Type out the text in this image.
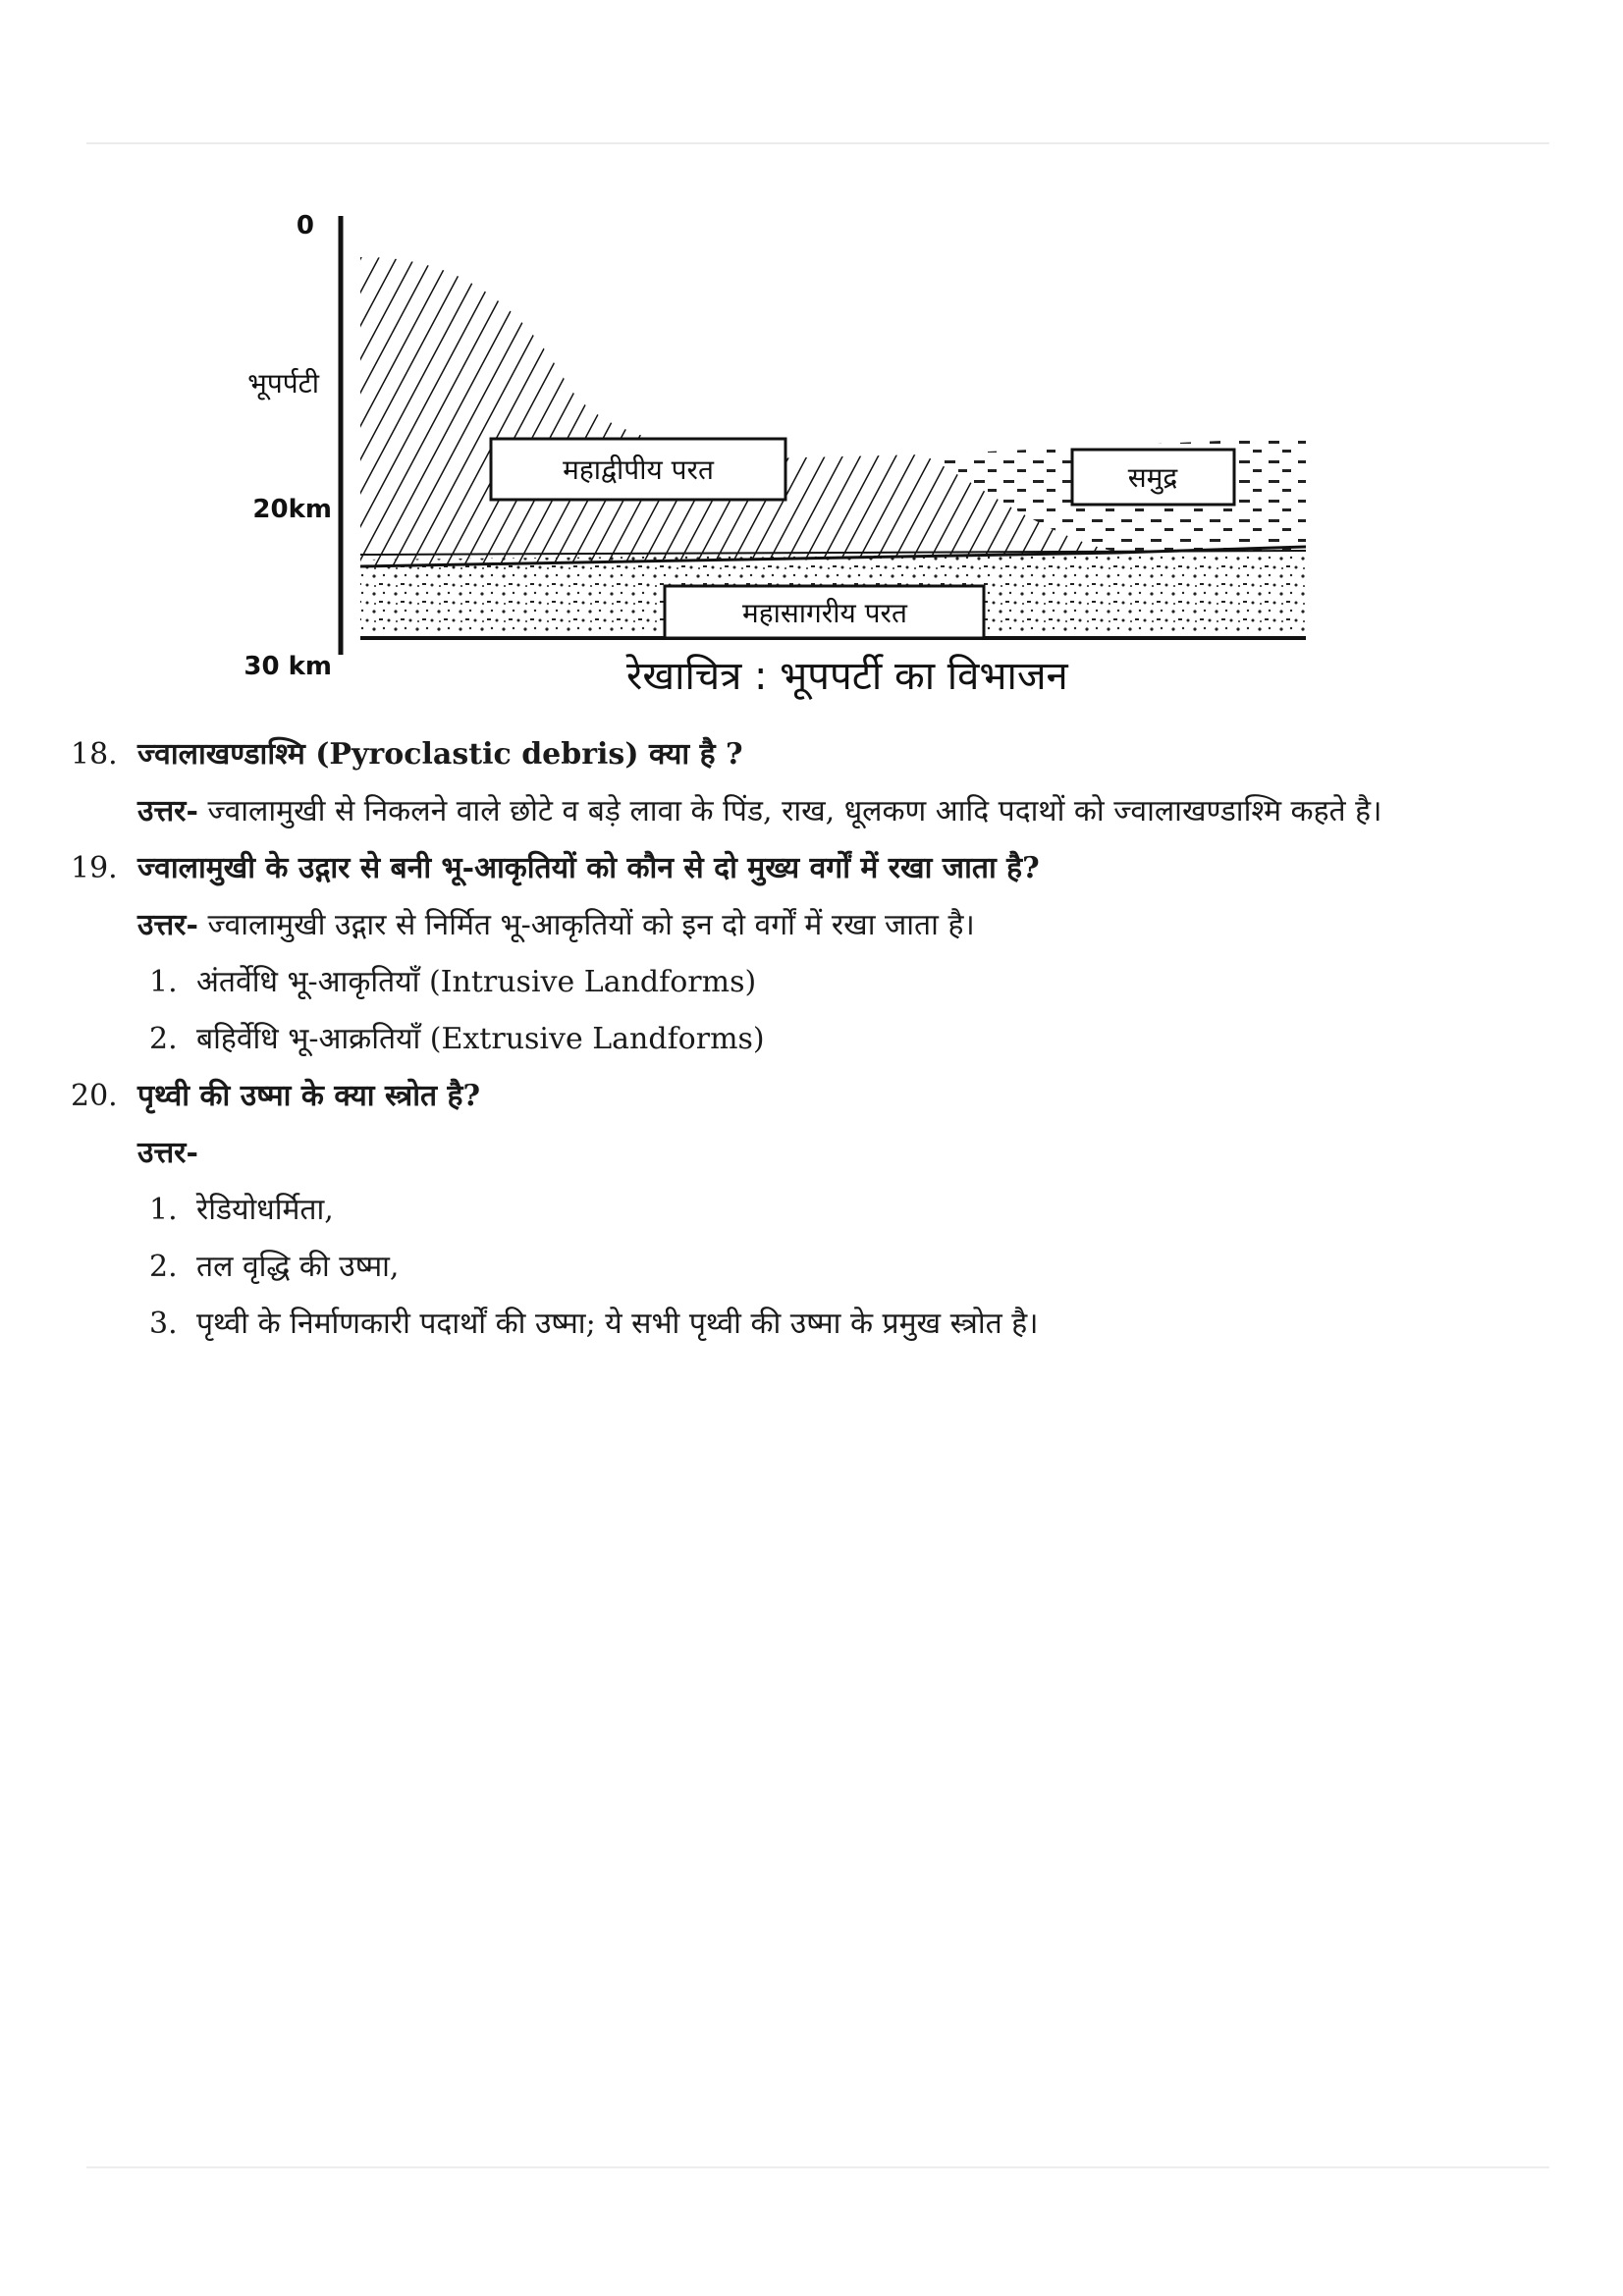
0
भूपर्पटी
20km
30 km
महाद्वीपीय परत	समुद्र
महासागरीय परत
रेखाचित्र : भूपपर्टी का विभाजन
18. ज्वालाखण्डाश्मि (Pyroclastic debris) क्या है ?
उत्तर- ज्वालामुखी से निकलने वाले छोटे व बड़े लावा के पिंड, राख, धूलकण आदि पदाथों को ज्वालाखण्डाश्मि कहते है।
19. ज्वालामुखी के उद्गार से बनी भू-आकृतियों को कौन से दो मुख्य वर्गों में रखा जाता है?
उत्तर- ज्वालामुखी उद्गार से निर्मित भू-आकृतियों को इन दो वर्गों में रखा जाता है।
1. अंतर्वेधि भू-आकृतियाँ (Intrusive Landforms)
2. बहिर्वेधि भू-आक्रतियाँ (Extrusive Landforms)
20. पृथ्वी की उष्मा के क्या स्त्रोत है?
उत्तर-
1. रेडियोधर्मिता,
2. तल वृद्धि की उष्मा,
3. पृथ्वी के निर्माणकारी पदार्थों की उष्मा; ये सभी पृथ्वी की उष्मा के प्रमुख स्त्रोत है।
